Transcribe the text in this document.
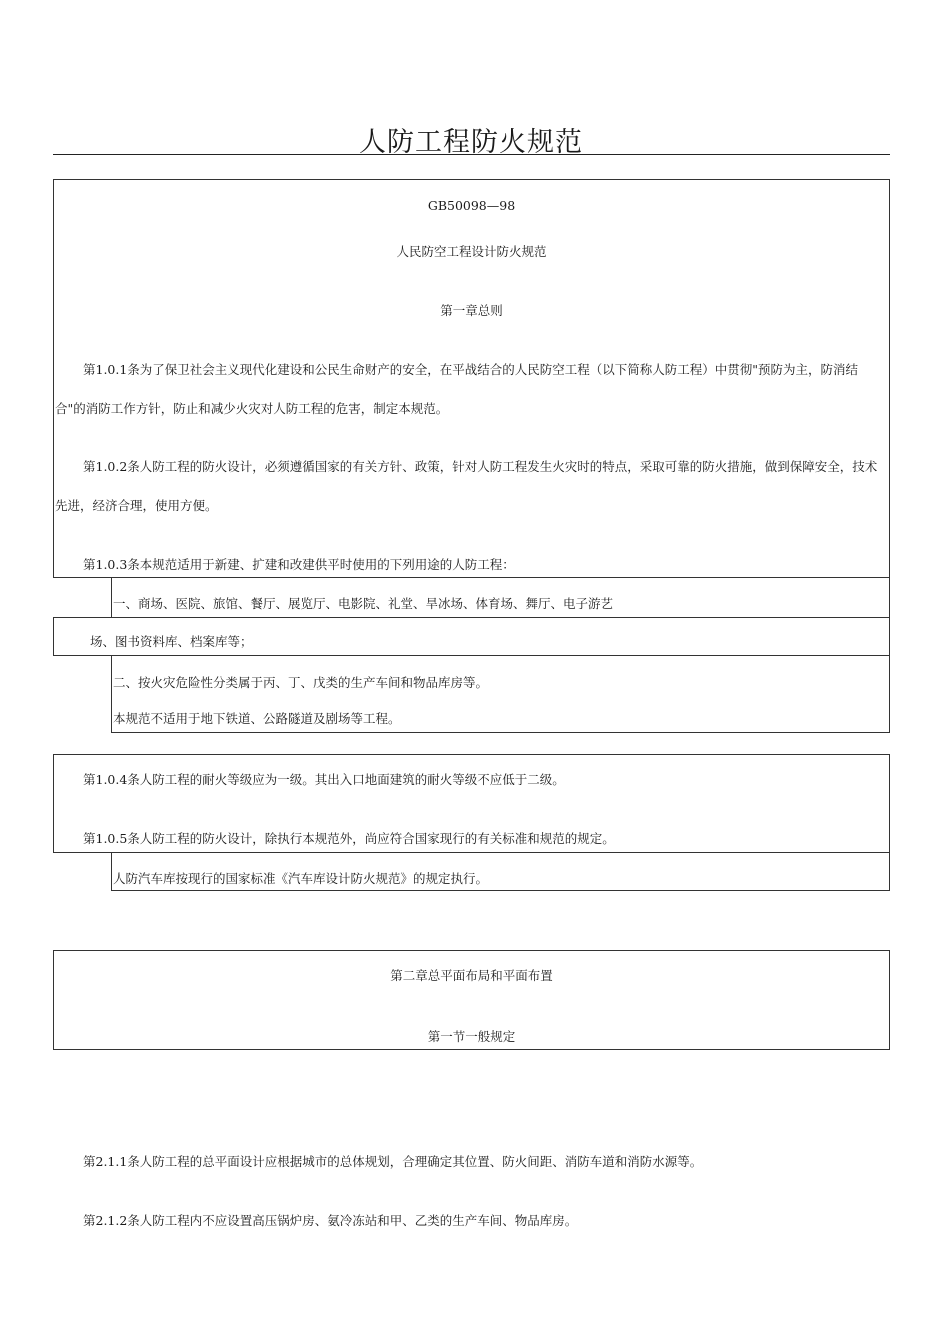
人防工程防火规范
GB50098—98
人民防空工程设计防火规范
第一章总则
第1.0.1条为了保卫社会主义现代化建设和公民生命财产的安全，在平战结合的人民防空工程（以下简称人防工程）中贯彻"预防为主，防消结合"的消防工作方针，防止和减少火灾对人防工程的危害，制定本规范。
第1.0.2条人防工程的防火设计，必须遵循国家的有关方针、政策，针对人防工程发生火灾时的特点，采取可靠的防火措施，做到保障安全，技术先进，经济合理，使用方便。
第1.0.3条本规范适用于新建、扩建和改建供平时使用的下列用途的人防工程：
一、商场、医院、旅馆、餐厅、展览厅、电影院、礼堂、旱冰场、体育场、舞厅、电子游艺
场、图书资料库、档案库等；
二、按火灾危险性分类属于丙、丁、戊类的生产车间和物品库房等。
本规范不适用于地下铁道、公路隧道及剧场等工程。
第1.0.4条人防工程的耐火等级应为一级。其出入口地面建筑的耐火等级不应低于二级。
第1.0.5条人防工程的防火设计，除执行本规范外，尚应符合国家现行的有关标准和规范的规定。
人防汽车库按现行的国家标准《汽车库设计防火规范》的规定执行。
第二章总平面布局和平面布置
第一节一般规定
第2.1.1条人防工程的总平面设计应根据城市的总体规划，合理确定其位置、防火间距、消防车道和消防水源等。
第2.1.2条人防工程内不应设置高压锅炉房、氨冷冻站和甲、乙类的生产车间、物品库房。
